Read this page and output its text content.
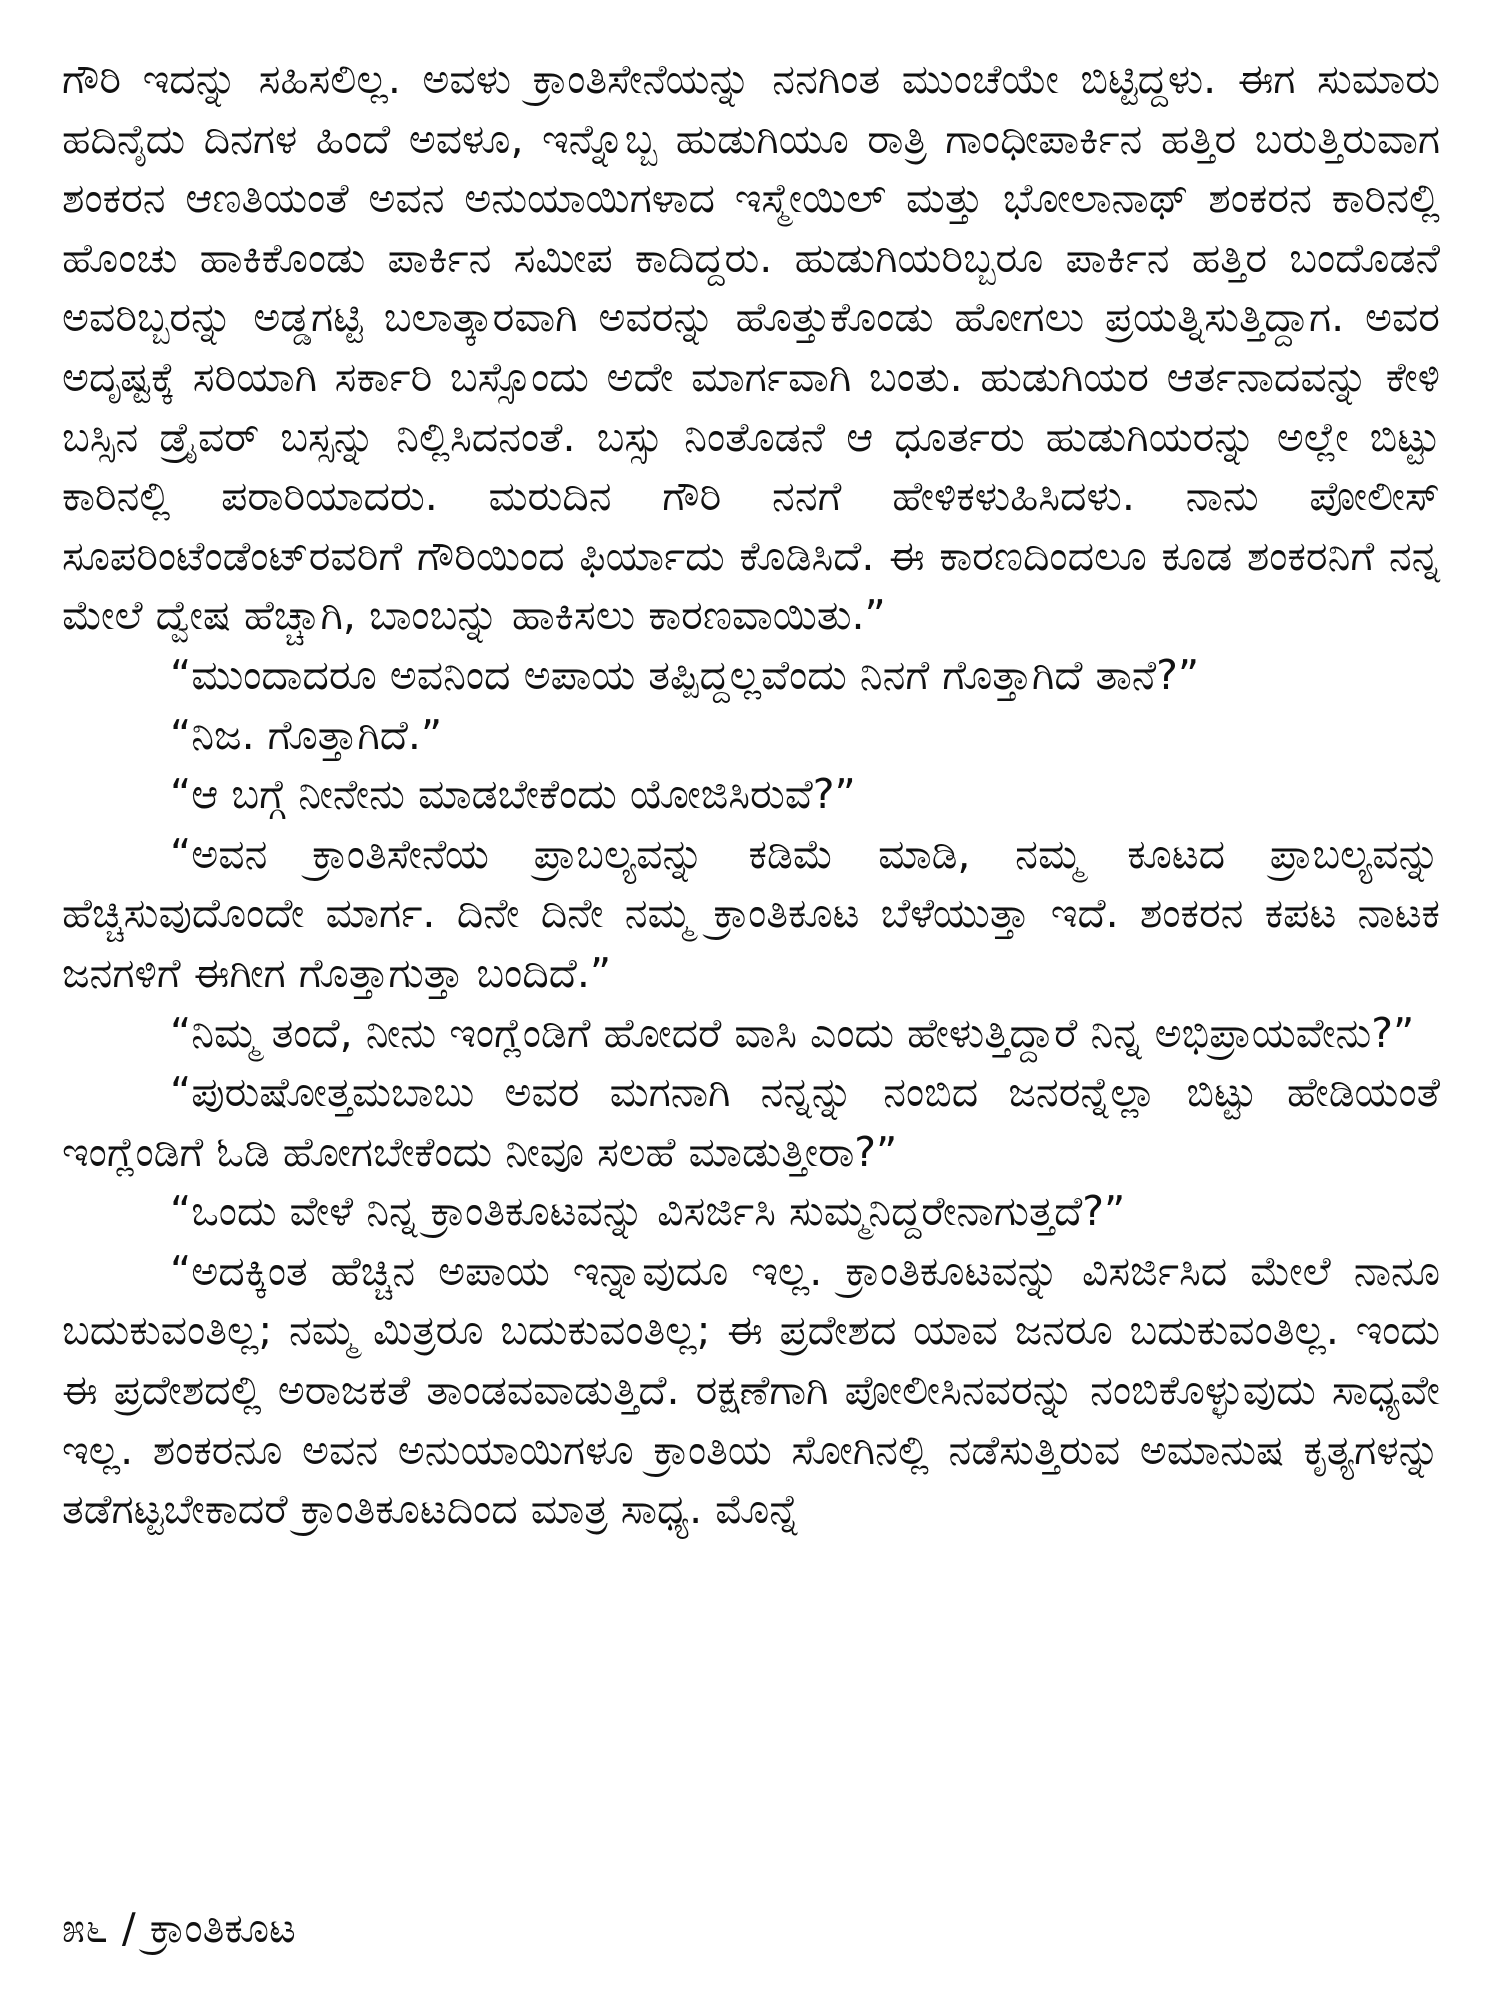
ಗೌರಿ ಇದನ್ನು ಸಹಿಸಲಿಲ್ಲ. ಅವಳು ಕ್ರಾಂತಿಸೇನೆಯನ್ನು ನನಗಿಂತ ಮುಂಚೆಯೇ ಬಿಟ್ಟಿದ್ದಳು. ಈಗ ಸುಮಾರು ಹದಿನೈದು ದಿನಗಳ ಹಿಂದೆ ಅವಳೂ, ಇನ್ನೊಬ್ಬ ಹುಡುಗಿಯೂ ರಾತ್ರಿ ಗಾಂಧೀಪಾರ್ಕಿನ ಹತ್ತಿರ ಬರುತ್ತಿರುವಾಗ ಶಂಕರನ ಆಣತಿಯಂತೆ ಅವನ ಅನುಯಾಯಿಗಳಾದ ಇಸ್ಮೇಯಿಲ್ ಮತ್ತು ಭೋಲಾನಾಥ್ ಶಂಕರನ ಕಾರಿನಲ್ಲಿ ಹೊಂಚು ಹಾಕಿಕೊಂಡು ಪಾರ್ಕಿನ ಸಮೀಪ ಕಾದಿದ್ದರು. ಹುಡುಗಿಯರಿಬ್ಬರೂ ಪಾರ್ಕಿನ ಹತ್ತಿರ ಬಂದೊಡನೆ ಅವರಿಬ್ಬರನ್ನು ಅಡ್ಡಗಟ್ಟಿ ಬಲಾತ್ಕಾರವಾಗಿ ಅವರನ್ನು ಹೊತ್ತುಕೊಂಡು ಹೋಗಲು ಪ್ರಯತ್ನಿಸುತ್ತಿದ್ದಾಗ. ಅವರ ಅದೃಷ್ಟಕ್ಕೆ ಸರಿಯಾಗಿ ಸರ್ಕಾರಿ ಬಸ್ಸೊಂದು ಅದೇ ಮಾರ್ಗವಾಗಿ ಬಂತು. ಹುಡುಗಿಯರ ಆರ್ತನಾದವನ್ನು ಕೇಳಿ ಬಸ್ಸಿನ ಡ್ರೈವರ್ ಬಸ್ಸನ್ನು ನಿಲ್ಲಿಸಿದನಂತೆ. ಬಸ್ಸು ನಿಂತೊಡನೆ ಆ ಧೂರ್ತರು ಹುಡುಗಿಯರನ್ನು ಅಲ್ಲೇ ಬಿಟ್ಟು ಕಾರಿನಲ್ಲಿ ಪರಾರಿಯಾದರು. ಮರುದಿನ ಗೌರಿ ನನಗೆ ಹೇಳಿಕಳುಹಿಸಿದಳು. ನಾನು ಪೋಲೀಸ್ ಸೂಪರಿಂಟೆಂಡೆಂಟ್‌ರವರಿಗೆ ಗೌರಿಯಿಂದ ಫಿರ್ಯಾದು ಕೊಡಿಸಿದೆ. ಈ ಕಾರಣದಿಂದಲೂ ಕೂಡ ಶಂಕರನಿಗೆ ನನ್ನ ಮೇಲೆ ದ್ವೇಷ ಹೆಚ್ಚಾಗಿ, ಬಾಂಬನ್ನು ಹಾಕಿಸಲು ಕಾರಣವಾಯಿತು.”

“ಮುಂದಾದರೂ ಅವನಿಂದ ಅಪಾಯ ತಪ್ಪಿದ್ದಲ್ಲವೆಂದು ನಿನಗೆ ಗೊತ್ತಾಗಿದೆ ತಾನೆ?”

“ನಿಜ. ಗೊತ್ತಾಗಿದೆ.”

“ಆ ಬಗ್ಗೆ ನೀನೇನು ಮಾಡಬೇಕೆಂದು ಯೋಜಿಸಿರುವೆ?”

“ಅವನ ಕ್ರಾಂತಿಸೇನೆಯ ಪ್ರಾಬಲ್ಯವನ್ನು ಕಡಿಮೆ ಮಾಡಿ, ನಮ್ಮ ಕೂಟದ ಪ್ರಾಬಲ್ಯವನ್ನು ಹೆಚ್ಚಿಸುವುದೊಂದೇ ಮಾರ್ಗ. ದಿನೇ ದಿನೇ ನಮ್ಮ ಕ್ರಾಂತಿಕೂಟ ಬೆಳೆಯುತ್ತಾ ಇದೆ. ಶಂಕರನ ಕಪಟ ನಾಟಕ ಜನಗಳಿಗೆ ಈಗೀಗ ಗೊತ್ತಾಗುತ್ತಾ ಬಂದಿದೆ.”

“ನಿಮ್ಮ ತಂದೆ, ನೀನು ಇಂಗ್ಲೆಂಡಿಗೆ ಹೋದರೆ ವಾಸಿ ಎಂದು ಹೇಳುತ್ತಿದ್ದಾರೆ ನಿನ್ನ ಅಭಿಪ್ರಾಯವೇನು?”

“ಪುರುಷೋತ್ತಮಬಾಬು ಅವರ ಮಗನಾಗಿ ನನ್ನನ್ನು ನಂಬಿದ ಜನರನ್ನೆಲ್ಲಾ ಬಿಟ್ಟು ಹೇಡಿಯಂತೆ ಇಂಗ್ಲೆಂಡಿಗೆ ಓಡಿ ಹೋಗಬೇಕೆಂದು ನೀವೂ ಸಲಹೆ ಮಾಡುತ್ತೀರಾ?”

“ಒಂದು ವೇಳೆ ನಿನ್ನ ಕ್ರಾಂತಿಕೂಟವನ್ನು ವಿಸರ್ಜಿಸಿ ಸುಮ್ಮನಿದ್ದರೇನಾಗುತ್ತದೆ?”

“ಅದಕ್ಕಿಂತ ಹೆಚ್ಚಿನ ಅಪಾಯ ಇನ್ನಾವುದೂ ಇಲ್ಲ. ಕ್ರಾಂತಿಕೂಟವನ್ನು ವಿಸರ್ಜಿಸಿದ ಮೇಲೆ ನಾನೂ ಬದುಕುವಂತಿಲ್ಲ; ನಮ್ಮ ಮಿತ್ರರೂ ಬದುಕುವಂತಿಲ್ಲ; ಈ ಪ್ರದೇಶದ ಯಾವ ಜನರೂ ಬದುಕುವಂತಿಲ್ಲ. ಇಂದು ಈ ಪ್ರದೇಶದಲ್ಲಿ ಅರಾಜಕತೆ ತಾಂಡವವಾಡುತ್ತಿದೆ. ರಕ್ಷಣೆಗಾಗಿ ಪೋಲೀಸಿನವರನ್ನು ನಂಬಿಕೊಳ್ಳುವುದು ಸಾಧ್ಯವೇ ಇಲ್ಲ. ಶಂಕರನೂ ಅವನ ಅನುಯಾಯಿಗಳೂ ಕ್ರಾಂತಿಯ ಸೋಗಿನಲ್ಲಿ ನಡೆಸುತ್ತಿರುವ ಅಮಾನುಷ ಕೃತ್ಯಗಳನ್ನು ತಡೆಗಟ್ಟಬೇಕಾದರೆ ಕ್ರಾಂತಿಕೂಟದಿಂದ ಮಾತ್ರ ಸಾಧ್ಯ. ಮೊನ್ನೆ

೫೬ / ಕ್ರಾಂತಿಕೂಟ
